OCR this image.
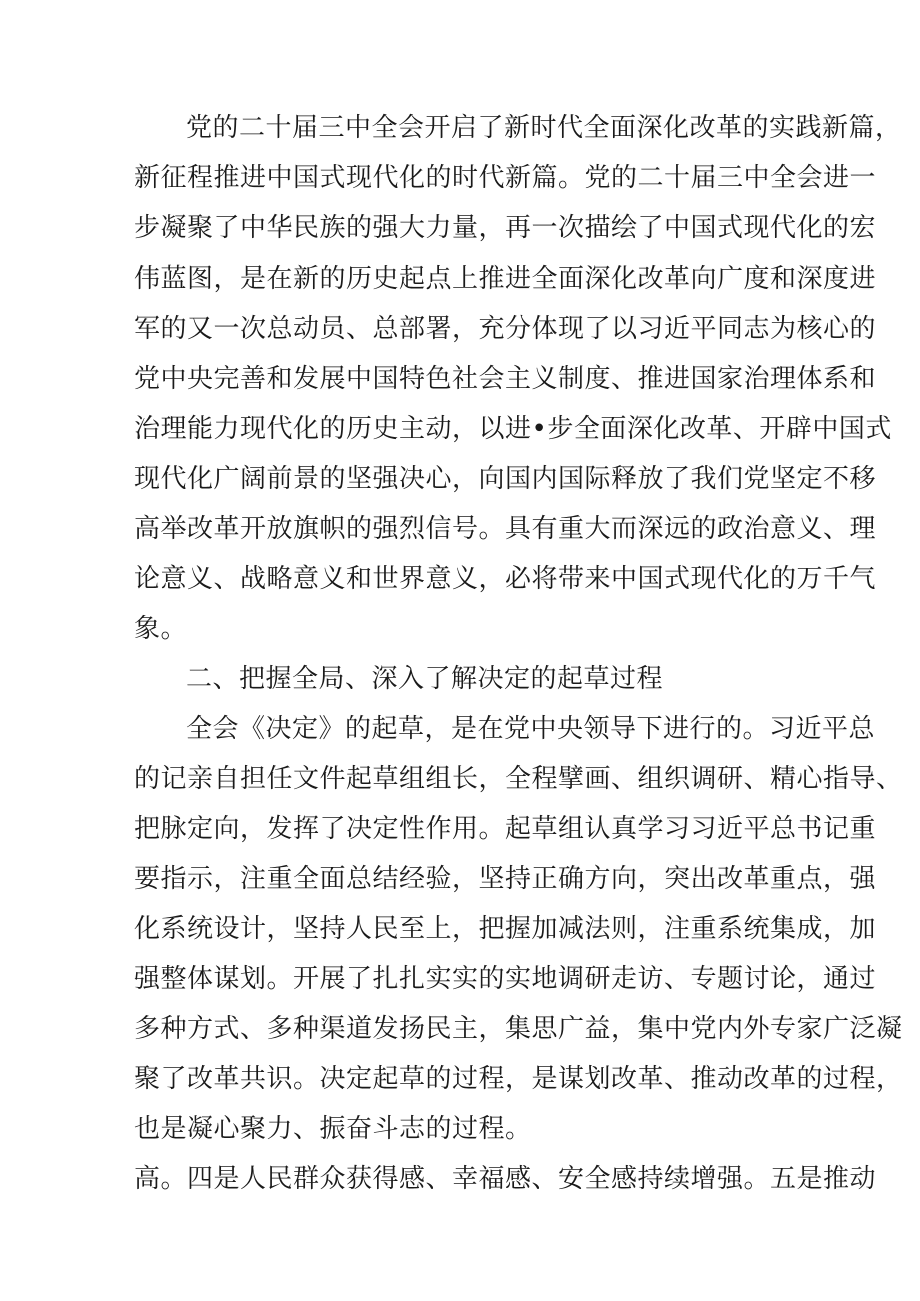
党的二十届三中全会开启了新时代全面深化改革的实践新篇，
新征程推进中国式现代化的时代新篇。党的二十届三中全会进一
步凝聚了中华民族的强大力量，再一次描绘了中国式现代化的宏
伟蓝图，是在新的历史起点上推进全面深化改革向广度和深度进
军的又一次总动员、总部署，充分体现了以习近平同志为核心的
党中央完善和发展中国特色社会主义制度、推进国家治理体系和
治理能力现代化的历史主动，以进•步全面深化改革、开辟中国式
现代化广阔前景的坚强决心，向国内国际释放了我们党坚定不移
高举改革开放旗帜的强烈信号。具有重大而深远的政治意义、理
论意义、战略意义和世界意义，必将带来中国式现代化的万千气
象。
二、把握全局、深入了解决定的起草过程
全会《决定》的起草，是在党中央领导下进行的。习近平总
的记亲自担任文件起草组组长，全程擘画、组织调研、精心指导、
把脉定向，发挥了决定性作用。起草组认真学习习近平总书记重
要指示，注重全面总结经验，坚持正确方向，突出改革重点，强
化系统设计，坚持人民至上，把握加减法则，注重系统集成，加
强整体谋划。开展了扎扎实实的实地调研走访、专题讨论，通过
多种方式、多种渠道发扬民主，集思广益，集中党内外专家广泛凝
聚了改革共识。决定起草的过程，是谋划改革、推动改革的过程，
也是凝心聚力、振奋斗志的过程。
高。四是人民群众获得感、幸福感、安全感持续增强。五是推动
